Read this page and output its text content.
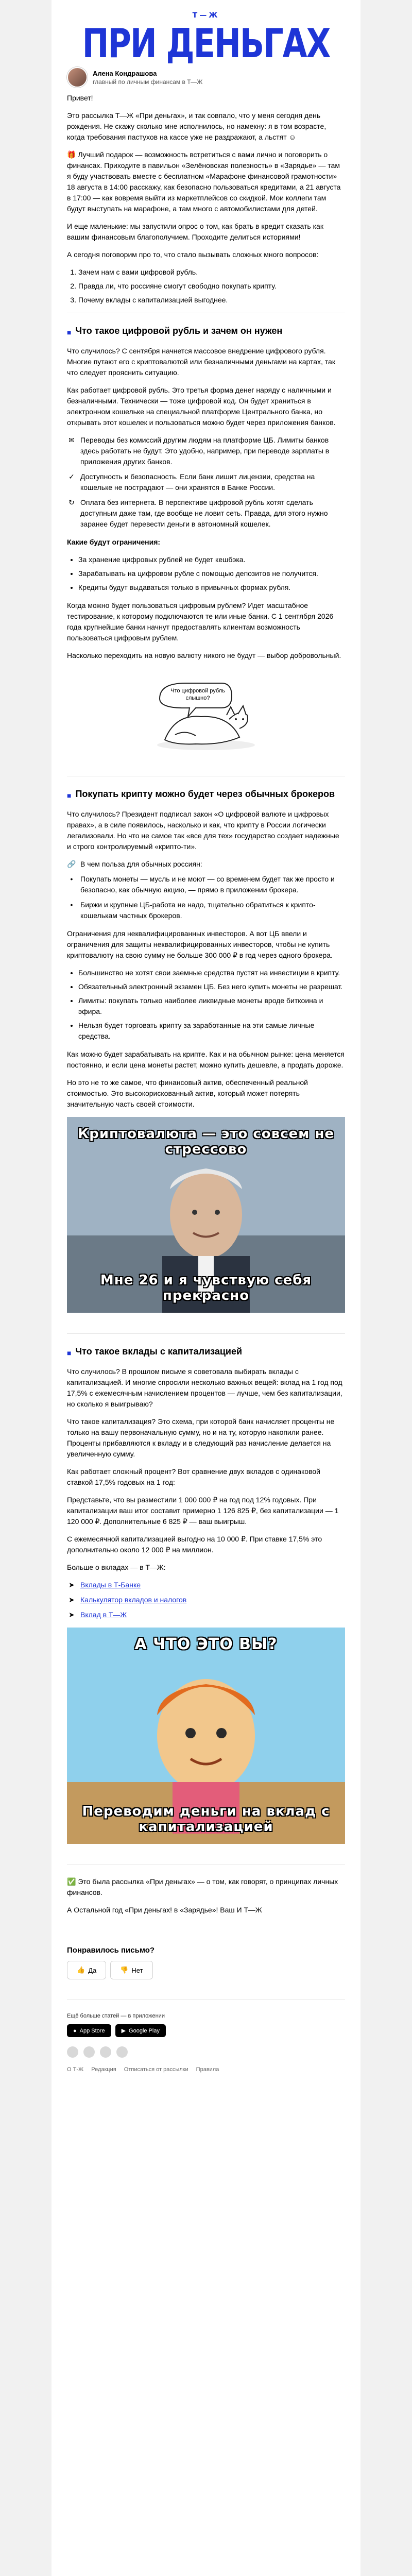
Т—Ж
ПРИ ДЕНЬГАХ
Алена Кондрашова
главный по личным финансам в Т—Ж

Привет!

Это рассылка Т—Ж «При деньгах», и так совпало, что у меня сегодня день рождения. Не скажу сколько мне исполнилось, но намекну: я в том возрасте, когда требования пастухов на кассе уже не раздражают, а льстят ☺

🎁 Лучший подарок — возможность встретиться с вами лично и поговорить о финансах. Приходите в павильон «Зелёновская полезность» в «Зарядье» — там я буду участвовать вместе с бесплатном «Марафоне финансовой грамотности» 18 августа в 14:00 расскажу, как безопасно пользоваться кредитами, а 21 августа в 17:00 — как вовремя выйти из маркетплейсов со скидкой. Мои коллеги там будут выступать на марафоне, а там много с автомобилистами для детей.

И еще маленькие: мы запустили опрос о том, как брать в кредит сказать как вашим финансовым благополучием. Проходите делиться историями!

А сегодня поговорим про то, что стало вызывать сложных много вопросов:

1. Зачем нам с вами цифровой рубль.
2. Правда ли, что россияне смогут свободно покупать крипту.
3. Почему вклады с капитализацией выгоднее.
■ Что такое цифровой рубль и зачем он нужен

Что случилось? С сентября начнется массовое внедрение цифрового рубля. Многие путают его с криптовалютой или безналичными деньгами на картах, так что следует прояснить ситуацию.

Как работает цифровой рубль. Это третья форма денег наряду с наличными и безналичными. Технически — тоже цифровой код. Он будет храниться в электронном кошельке на специальной платформе Центрального банка, но открывать этот кошелек и пользоваться можно будет через приложения банков.

✉ Переводы без комиссий другим людям на платформе ЦБ. Лимиты банков здесь работать не будут. Это удобно, например, при переводе зарплаты в приложения других банков.
✓ Доступность и безопасность. Если банк лишит лицензии, средства на кошельке не пострадают — они хранятся в Банке России.
↻ Оплата без интернета. В перспективе цифровой рубль хотят сделать доступным даже там, где вообще не ловит сеть. Правда, для этого нужно заранее будет перевести деньги в автономный кошелек.

Какие будут ограничения:

• За хранение цифровых рублей не будет кешбэка.
• Зарабатывать на цифровом рубле с помощью депозитов не получится.
• Кредиты будут выдаваться только в привычных формах рубля.

Когда можно будет пользоваться цифровым рублем? Идет масштабное тестирование, к которому подключаются те или иные банки. С 1 сентября 2026 года крупнейшие банки начнут предоставлять клиентам возможность пользоваться цифровым рублем.

Насколько переходить на новую валюту никого не будут — выбор добровольный.

Что цифровой рубль слышно?
■ Покупать крипту можно будет через обычных брокеров

Что случилось? Президент подписал закон «О цифровой валюте и цифровых правах», а в силе появилось, насколько и как, что крипту в России логически легализовали. Но что не самое так «все для тех» государство создает надежные и строго контролируемый «крипто-ти».

🔗 В чем польза для обычных россиян:
•	Покупать монеты — мусль и не моют — со временем будет так же просто и безопасно, как обычную акцию, — прямо в приложении брокера.
•	Биржи и крупные ЦБ-работа не надо, тщательно обратиться к крипто-кошелькам частных брокеров.

Ограничения для неквалифицированных инвесторов. А вот ЦБ ввели и ограничения для защиты неквалифицированных инвесторов, чтобы не купить криптовалюту на свою сумму не больше 300 000 ₽ в год через одного брокера.

• Большинство не хотят свои заемные средства пустят на инвестиции в крипту.
• Обязательный электронный экзамен ЦБ. Без него купить монеты не разрешат.
• Лимиты: покупать только наиболее ликвидные монеты вроде биткоина и эфира.
• Нельзя будет торговать крипту за заработанные на эти самые личные средства.

Как можно будет зарабатывать на крипте. Как и на обычном рынке: цена меняется постоянно, и если цена монеты растет, можно купить дешевле, а продать дороже.

Но это не то же самое, что финансовый актив, обеспеченный реальной стоимостью. Это высокорискованный актив, который может потерять значительную часть своей стоимости.

Криптовалюта — это совсем не стрессово
Мне 26 и я чувствую себя прекрасно
■ Что такое вклады с капитализацией

Что случилось? В прошлом письме я советовала выбирать вклады с капитализацией. И многие спросили несколько важных вещей: вклад на 1 год под 17,5% с ежемесячным начислением процентов — лучше, чем без капитализации, но сколько я выигрываю?

Что такое капитализация? Это схема, при которой банк начисляет проценты не только на вашу первоначальную сумму, но и на ту, которую накопили ранее. Проценты прибавляются к вкладу и в следующий раз начисление делается на увеличенную сумму.

Как работает сложный процент? Вот сравнение двух вкладов с одинаковой ставкой 17,5% годовых на 1 год:

Представьте, что вы разместили 1 000 000 ₽ на год под 12% годовых. При капитализации ваш итог составит примерно 1 126 825 ₽, без капитализации — 1 120 000 ₽. Дополнительные 6 825 ₽ — ваш выигрыш.

С ежемесячной капитализацией выгодно на 10 000 ₽. При ставке 17,5% это дополнительно около 12 000 ₽ на миллион.

Больше о вкладах — в Т—Ж:

➤ Вклады в Т-Банке
➤ Калькулятор вкладов и налогов
➤ Вклад в Т—Ж
А ЧТО ЭТО ВЫ?
Переводим деньги на вклад с капитализацией

✅ Это была рассылка «При деньгах» — о том, как говорят, о принципах личных финансов.

А Остальной год «При деньгах! в «Зарядье»! Ваш И Т—Ж

Понравилось письмо?
👍 Да	👎 Нет
Ещё больше статей — в приложении
● App Store	▶ Google Play
О Т-Ж Редакция Отписаться от рассылки Правила
